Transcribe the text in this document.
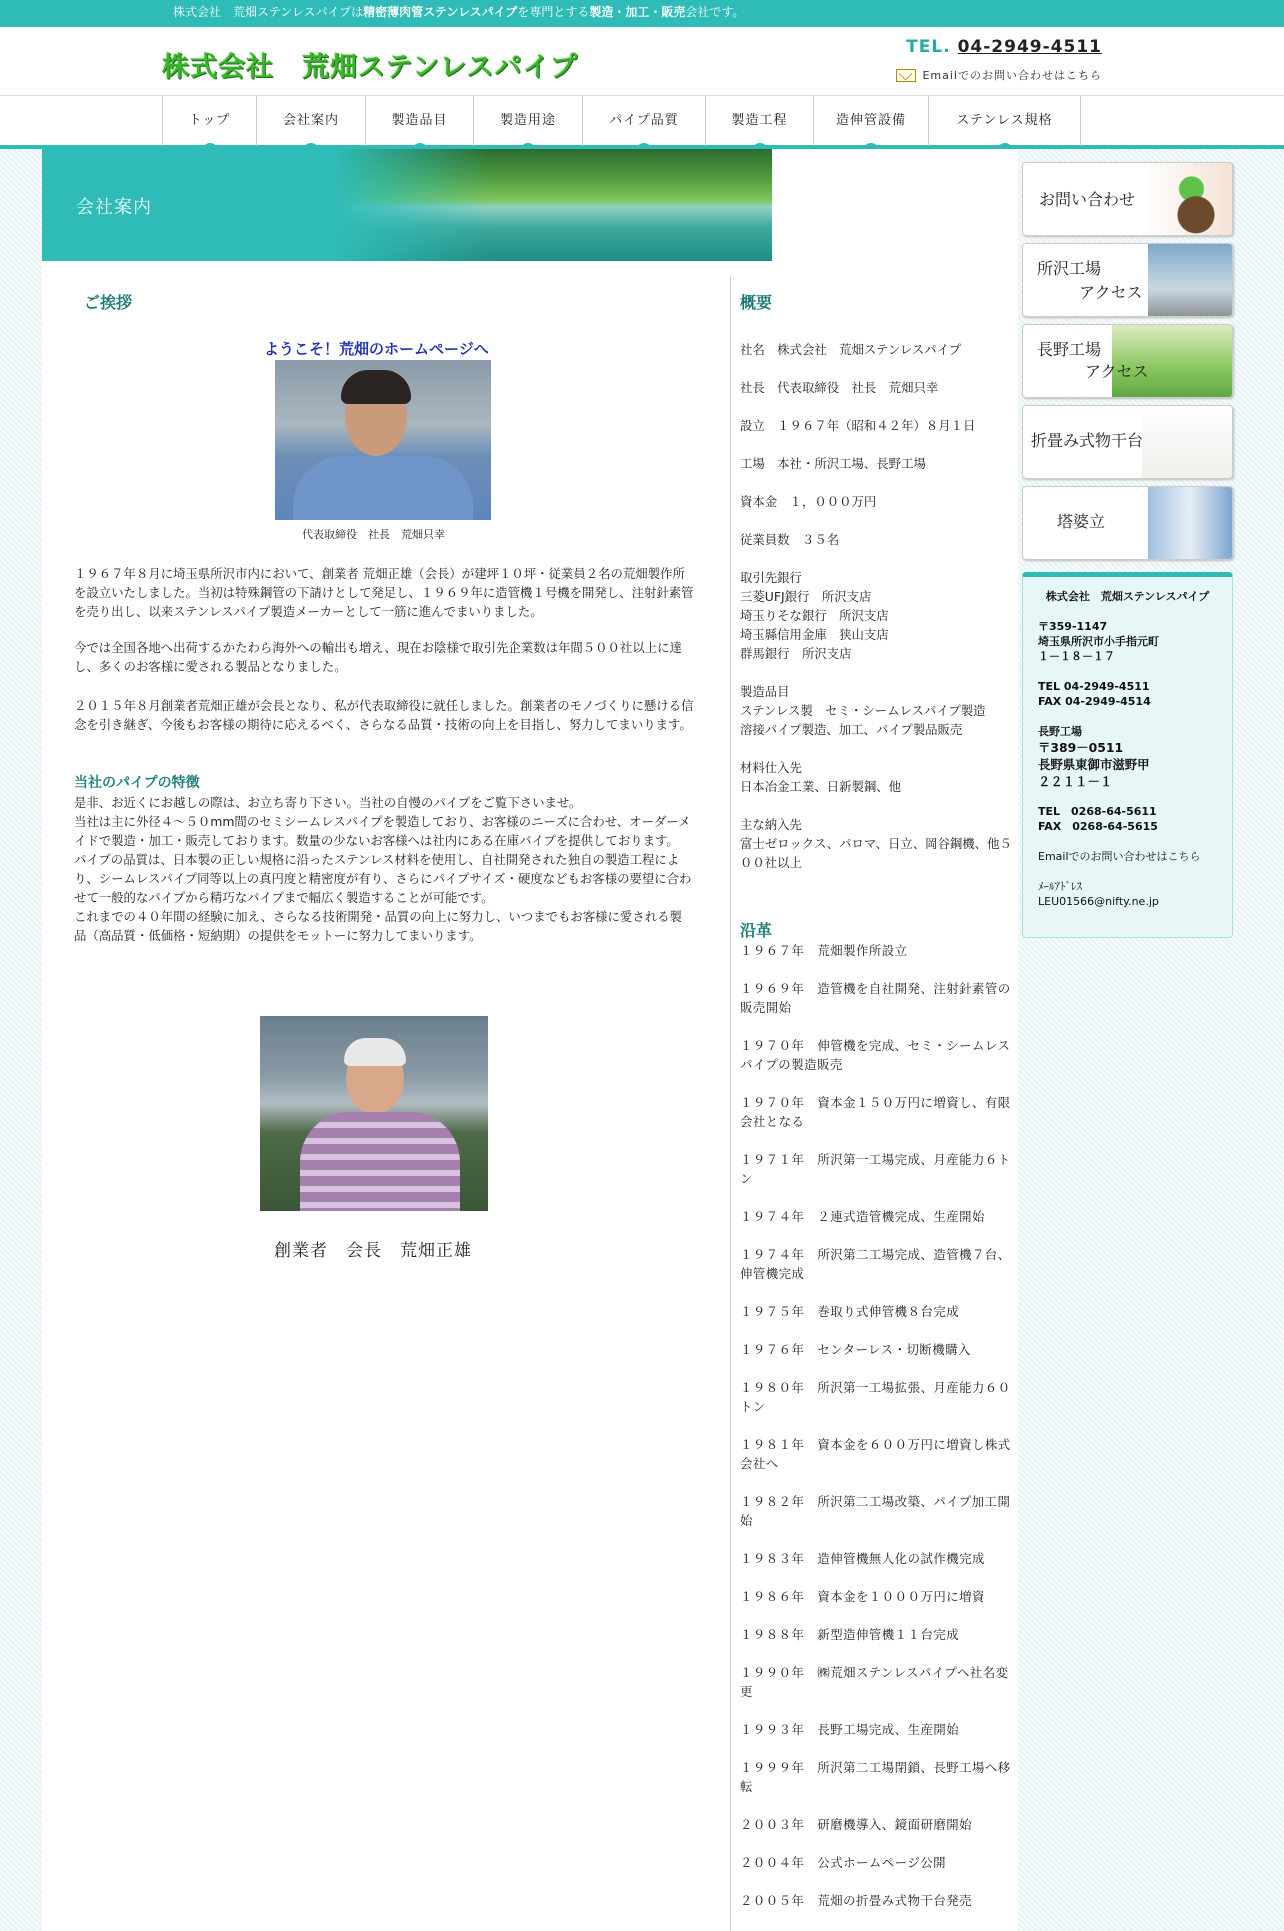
株式会社　荒畑ステンレスパイプは精密薄肉管ステンレスパイプを専門とする製造・加工・販売会社です。
株式会社　荒畑ステンレスパイプ
TEL. 04-2949-4511
Emailでのお問い合わせは こちら
トップ	会社案内	製造品目	製造用途	パイプ品質	製造工程	造伸管設備	ステンレス規格
会社案内
ご挨拶
ようこそ！荒畑のホームページへ
代表取締役　社長　荒畑只幸
１９６７年８月に埼玉県所沢市内において、創業者 荒畑正雄（会長）が建坪１０坪・従業員２名の荒畑製作所を設立いたしました。当初は特殊鋼管の下請けとして発足し、１９６９年に造管機１号機を開発し、注射針素管を売り出し、以来ステンレスパイプ製造メーカーとして一筋に進んでまいりました。
今では全国各地へ出荷するかたわら海外への輸出も増え、現在お陰様で取引先企業数は年間５００社以上に達し、多くのお客様に愛される製品となりました。
２０１５年８月創業者荒畑正雄が会長となり、私が代表取締役に就任しました。創業者のモノづくりに懸ける信念を引き継ぎ、今後もお客様の期待に応えるべく、さらなる品質・技術の向上を目指し、努力してまいります。
当社のパイプの特徴
是非、お近くにお越しの際は、お立ち寄り下さい。当社の自慢のパイプをご覧下さいませ。
当社は主に外径４～５０mm間のセミシームレスパイプを製造しており、お客様のニーズに合わせ、オーダーメイドで製造・加工・販売しております。数量の少ないお客様へは社内にある在庫パイプを提供しております。
パイプの品質は、日本製の正しい規格に沿ったステンレス材料を使用し、自社開発された独自の製造工程により、シームレスパイプ同等以上の真円度と精密度が有り、さらにパイプサイズ・硬度などもお客様の要望に合わせて一般的なパイプから精巧なパイプまで幅広く製造することが可能です。
これまでの４０年間の経験に加え、さらなる技術開発・品質の向上に努力し、いつまでもお客様に愛される製品（高品質・低価格・短納期）の提供をモットーに努力してまいります。
創業者　会長　荒畑正雄
概要
社名　株式会社　荒畑ステンレスパイプ
社長　代表取締役　社長　荒畑只幸
設立　１９６７年（昭和４２年）８月１日
工場　本社・所沢工場、長野工場
資本金　１，０００万円
従業員数　３５名
取引先銀行
三菱UFJ銀行　所沢支店
埼玉りそな銀行　所沢支店
埼玉縣信用金庫　狭山支店
群馬銀行　所沢支店
製造品目
ステンレス製　セミ・シームレスパイプ製造
溶接パイプ製造、加工、パイプ製品販売
材料仕入先
日本冶金工業、日新製鋼、他
主な納入先
富士ゼロックス、パロマ、日立、岡谷鋼機、他５００社以上
沿革
１９６７年　荒畑製作所設立
１９６９年　造管機を自社開発、注射針素管の販売開始
１９７０年　伸管機を完成、セミ・シームレスパイプの製造販売
１９７０年　資本金１５０万円に増資し、有限会社となる
１９７１年　所沢第一工場完成、月産能力６トン
１９７４年　２連式造管機完成、生産開始
１９７４年　所沢第二工場完成、造管機７台、伸管機完成
１９７５年　巻取り式伸管機８台完成
１９７６年　センターレス・切断機購入
１９８０年　所沢第一工場拡張、月産能力６０トン
１９８１年　資本金を６００万円に増資し株式会社へ
１９８２年　所沢第二工場改築、パイプ加工開始
１９８３年　造伸管機無人化の試作機完成
１９８６年　資本金を１０００万円に増資
１９８８年　新型造伸管機１１台完成
１９９０年　㈱荒畑ステンレスパイプへ社名変更
１９９３年　長野工場完成、生産開始
１９９９年　所沢第二工場閉鎖、長野工場へ移転
２００３年　研磨機導入、鏡面研磨開始
２００４年　公式ホームページ公開
２００５年　荒畑の折畳み式物干台発売
お問い合わせ
所沢工場
アクセス
長野工場
アクセス
折畳み式物干台
塔婆立
株式会社　荒畑ステンレスパイプ
〒359-1147
埼玉県所沢市小手指元町
１－１８－１７
TEL 04-2949-4511
FAX 04-2949-4514
長野工場
〒389－0511
長野県東御市滋野甲
２２１１－１
TEL　0268-64-5611
FAX　0268-64-5615
Emailでのお問い合わせはこちら
ﾒｰﾙｱﾄﾞﾚｽ
LEU01566@nifty.ne.jp
